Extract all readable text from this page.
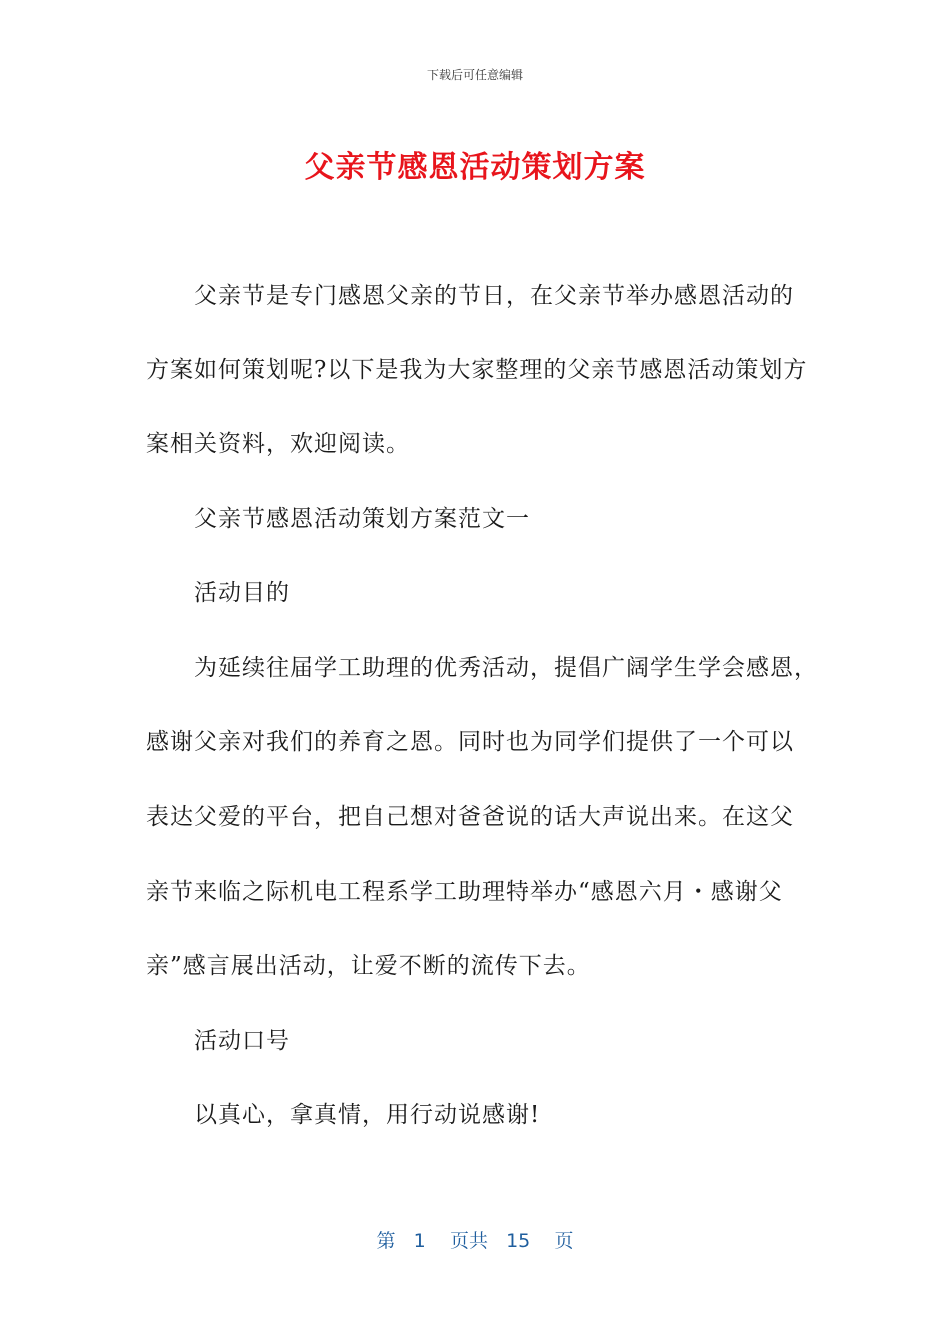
下载后可任意编辑
父亲节感恩活动策划方案
父亲节是专门感恩父亲的节日，在父亲节举办感恩活动的
方案如何策划呢?以下是我为大家整理的父亲节感恩活动策划方
案相关资料，欢迎阅读。
父亲节感恩活动策划方案范文一
活动目的
为延续往届学工助理的优秀活动，提倡广阔学生学会感恩，
感谢父亲对我们的养育之恩。同时也为同学们提供了一个可以
表达父爱的平台，把自己想对爸爸说的话大声说出来。在这父
亲节来临之际机电工程系学工助理特举办“感恩六月・感谢父
亲”感言展出活动，让爱不断的流传下去。
活动口号
以真心，拿真情，用行动说感谢!
第 1 页共 15 页
